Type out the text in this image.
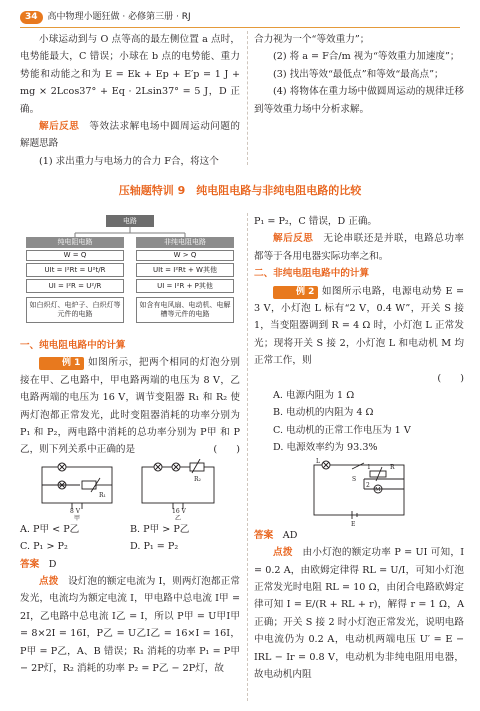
34	高中物理小题狂做 · 必修第三册 · RJ

小球运动到与 O 点等高的最左侧位置 a 点时，电势能最大，C 错误；小球在 b 点的电势能、重力势能和动能之和为 E = Ek + Ep + E′p = 1 J + mg × 2Lcos37° + Eq · 2Lsin37° = 5 J，D 正确。

解后反思　 等效法求解电场中圆周运动问题的解题思路

(1) 求出重力与电场力的合力 F合，将这个

合力视为一个“等效重力”；

(2) 将 a = F合/m 视为“等效重力加速度”；

(3) 找出等效“最低点”和等效“最高点”；

(4) 将物体在重力场中做圆周运动的规律迁移到等效重力场中分析求解。

压轴题特训 9　纯电阻电路与非纯电阻电路的比较
电路
纯电阻电路	非纯电阻电路
W = Q	W > Q
UIt = I²Rt = U²t/R	UIt = I²Rt + W其他
UI = I²R = U²/R	UI = I²R + P其他
如白炽灯、电炉子、白炽灯等元件的电路
如含有电风扇、电动机、电解槽等元件的电路

一、纯电阻电路中的计算

例 1 如图所示，把两个相同的灯泡分别接在甲、乙电路中，甲电路两端的电压为 8 V，乙电路两端的电压为 16 V，调节变阻器 R₁ 和 R₂ 使两灯泡都正常发光，此时变阻器消耗的功率分别为 P₁ 和 P₂，两电路中消耗的总功率分别为 P甲 和 P乙，则下列关系中正确的是	(　　)

R₁
R₂
8 V	16 V
甲	乙
A. P甲 < P乙	B. P甲 > P乙
C. P₁ > P₂	D. P₁ = P₂

答案　 D

点拨　 设灯泡的额定电流为 I，则两灯泡都正常发光，电流均为额定电流 I，甲电路中总电流 I甲 = 2I，乙电路中总电流 I乙 = I，所以 P甲 = U甲I甲 = 8×2I = 16I，P乙 = U乙I乙 = 16×I = 16I，P甲 = P乙，A、B 错误；R₁ 消耗的功率 P₁ = P甲 − 2P灯，R₂ 消耗的功率 P₂ = P乙 − 2P灯，故

P₁ = P₂，C 错误，D 正确。

解后反思　 无论串联还是并联，电路总功率都等于各用电器实际功率之和。

二、非纯电阻电路中的计算

例 2 如图所示电路，电源电动势 E = 3 V，小灯泡 L 标有“2 V，0.4 W”，开关 S 接 1，当变阻器调到 R = 4 Ω 时，小灯泡 L 正常发光；现将开关 S 接 2，小灯泡 L 和电动机 M 均正常工作，则

(　　)

A. 电源内阻为 1 Ω

B. 电动机的内阻为 4 Ω

C. 电动机的正常工作电压为 1 V

D. 电源效率约为 93.3%

L
S
1
2
R
M
E

答案　 AD

点拨　 由小灯泡的额定功率 P = UI 可知，I = 0.2 A，由欧姆定律得 RL = U/I，可知小灯泡正常发光时电阻 RL = 10 Ω，由闭合电路欧姆定律可知 I = E/(R + RL + r)，解得 r = 1 Ω，A 正确；开关 S 接 2 时小灯泡正常发光，说明电路中电流仍为 0.2 A，电动机两端电压 U′ = E − IRL − Ir = 0.8 V，电动机为非纯电阻用电器，故电动机内阻
